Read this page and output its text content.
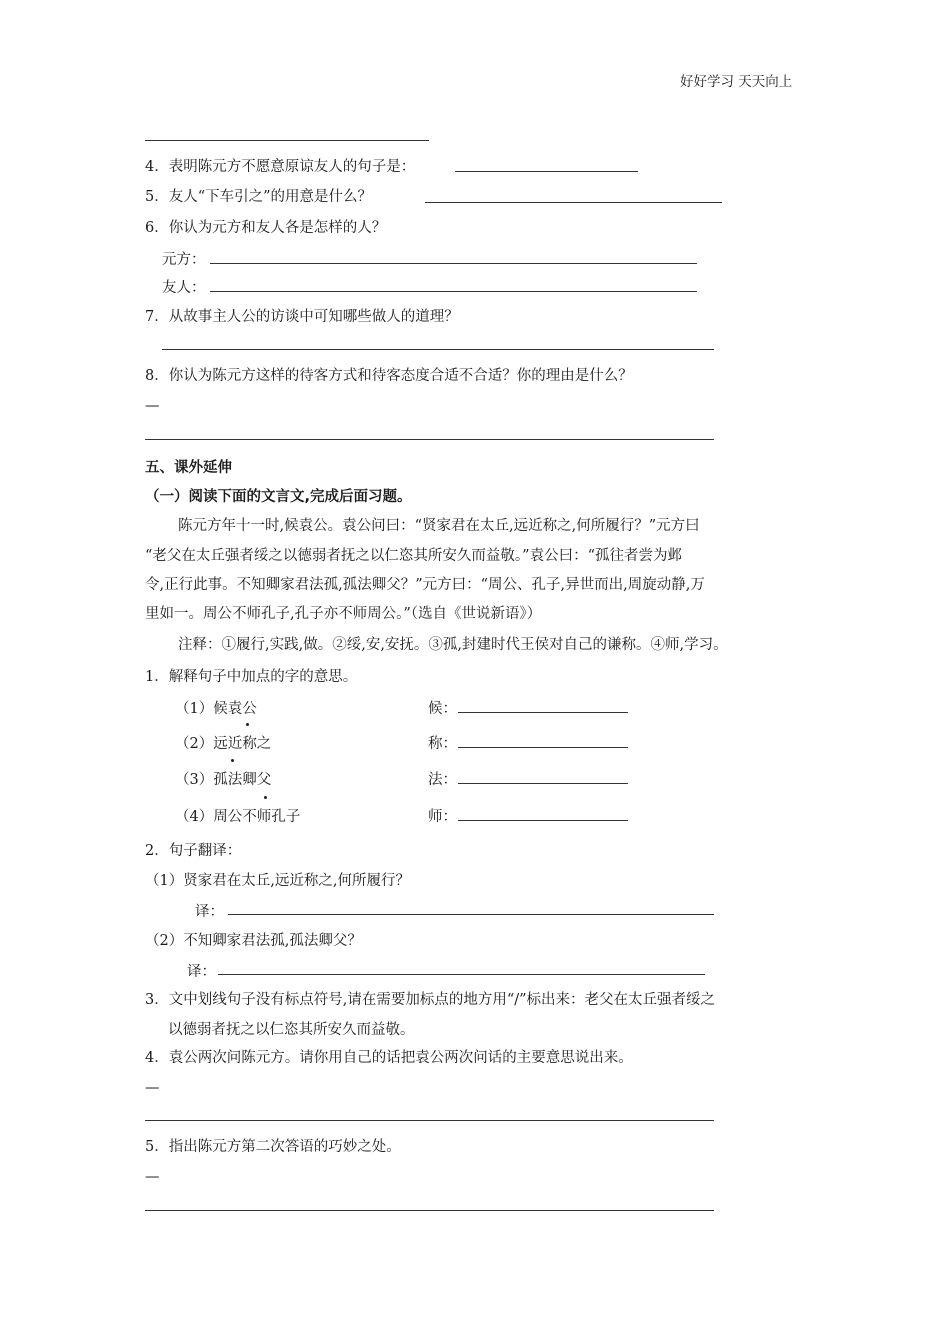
好好学习 天天向上
4．表明陈元方不愿意原谅友人的句子是：
5．友人“下车引之”的用意是什么？
6．你认为元方和友人各是怎样的人？
元方：
友人：
7．从故事主人公的访谈中可知哪些做人的道理？
8．你认为陈元方这样的待客方式和待客态度合适不合适？你的理由是什么？
—
五、课外延伸
（一）阅读下面的文言文,完成后面习题。
陈元方年十一时,候袁公。袁公问曰：“贤家君在太丘,远近称之,何所履行？”元方曰
“老父在太丘强者绥之以德弱者抚之以仁恣其所安久而益敬。”袁公曰：“孤往者尝为邺
令,正行此事。不知卿家君法孤,孤法卿父？”元方曰：“周公、孔子,异世而出,周旋动静,万
里如一。周公不师孔子,孔子亦不师周公。”（选自《世说新语》）
注释：①履行,实践,做。②绥,安,安抚。③孤,封建时代王侯对自己的谦称。④师,学习。
1．解释句子中加点的字的意思。
（1）候袁公	候：
（2）远近称之	称：
（3）孤法卿父	法：
（4）周公不师孔子	师：
2．句子翻译：
（1）贤家君在太丘,远近称之,何所履行？
译：
（2）不知卿家君法孤,孤法卿父？
译：
3．文中划线句子没有标点符号,请在需要加标点的地方用“/”标出来：老父在太丘强者绥之
以德弱者抚之以仁恣其所安久而益敬。
4．袁公两次问陈元方。请你用自己的话把袁公两次问话的主要意思说出来。
—
5．指出陈元方第二次答语的巧妙之处。
—
